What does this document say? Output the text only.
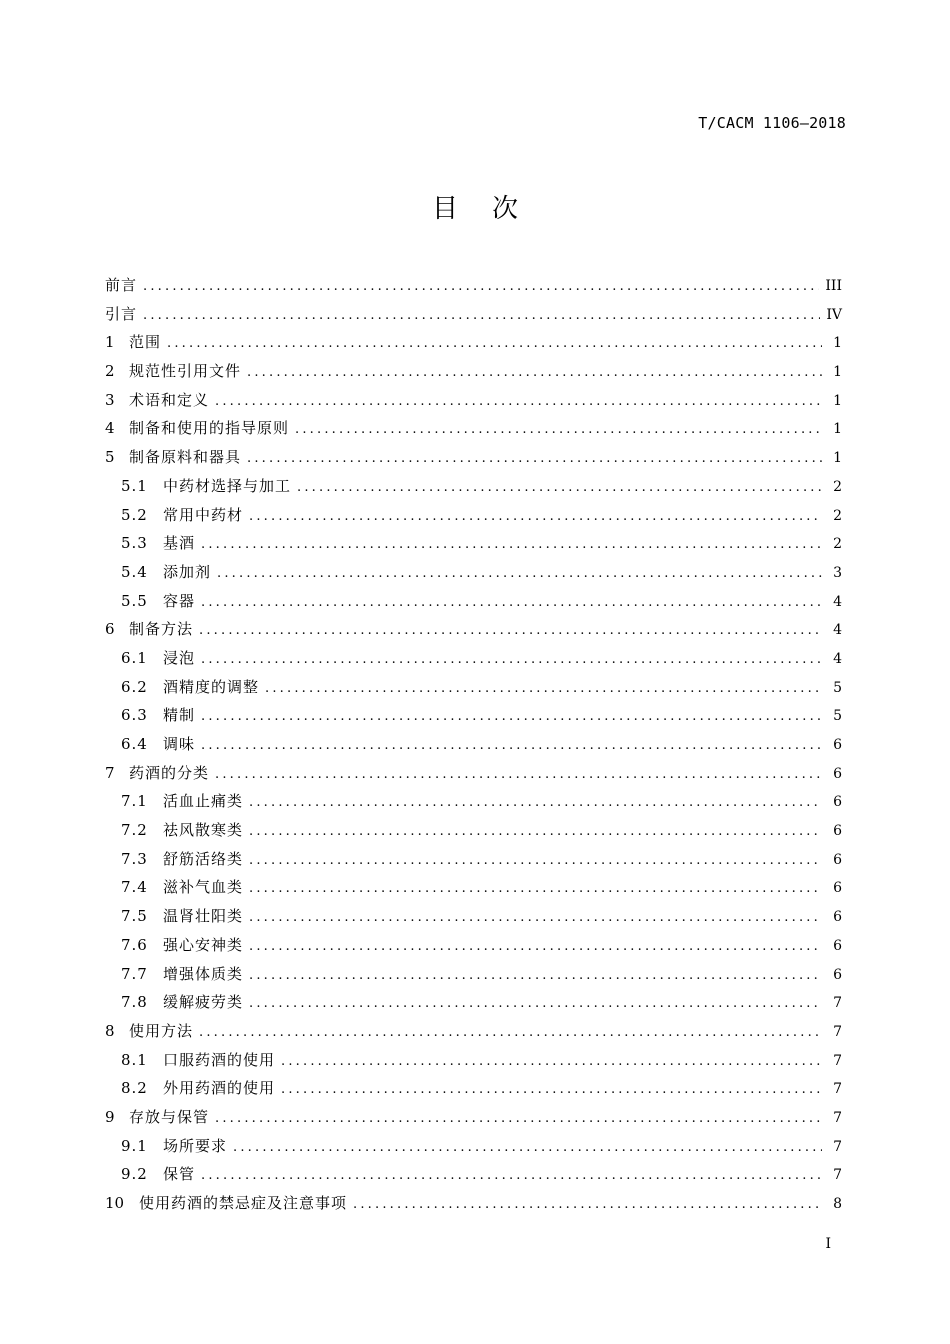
T/CACM 1106—2018
目次
前言 .....	III
引言 .....	IV
1 范围 .....	1
2 规范性引用文件 .....	1
3 术语和定义 .....	1
4 制备和使用的指导原则 .....	1
5 制备原料和器具 .....	1
5.1	中药材选择与加工 .....	2
5.2	常用中药材 .....	2
5.3	基酒 .....	2
5.4	添加剂 .....	3
5.5	容器 .....	4
6 制备方法 .....	4
6.1	浸泡 .....	4
6.2	酒精度的调整 .....	5
6.3	精制 .....	5
6.4	调味 .....	6
7 药酒的分类 .....	6
7.1	活血止痛类 .....	6
7.2	祛风散寒类 .....	6
7.3	舒筋活络类 .....	6
7.4	滋补气血类 .....	6
7.5	温肾壮阳类 .....	6
7.6	强心安神类 .....	6
7.7	增强体质类 .....	6
7.8	缓解疲劳类 .....	7
8 使用方法 .....	7
8.1	口服药酒的使用 .....	7
8.2	外用药酒的使用 .....	7
9 存放与保管 .....	7
9.1	场所要求 .....	7
9.2	保管 .....	7
10 使用药酒的禁忌症及注意事项 .....	8
I
